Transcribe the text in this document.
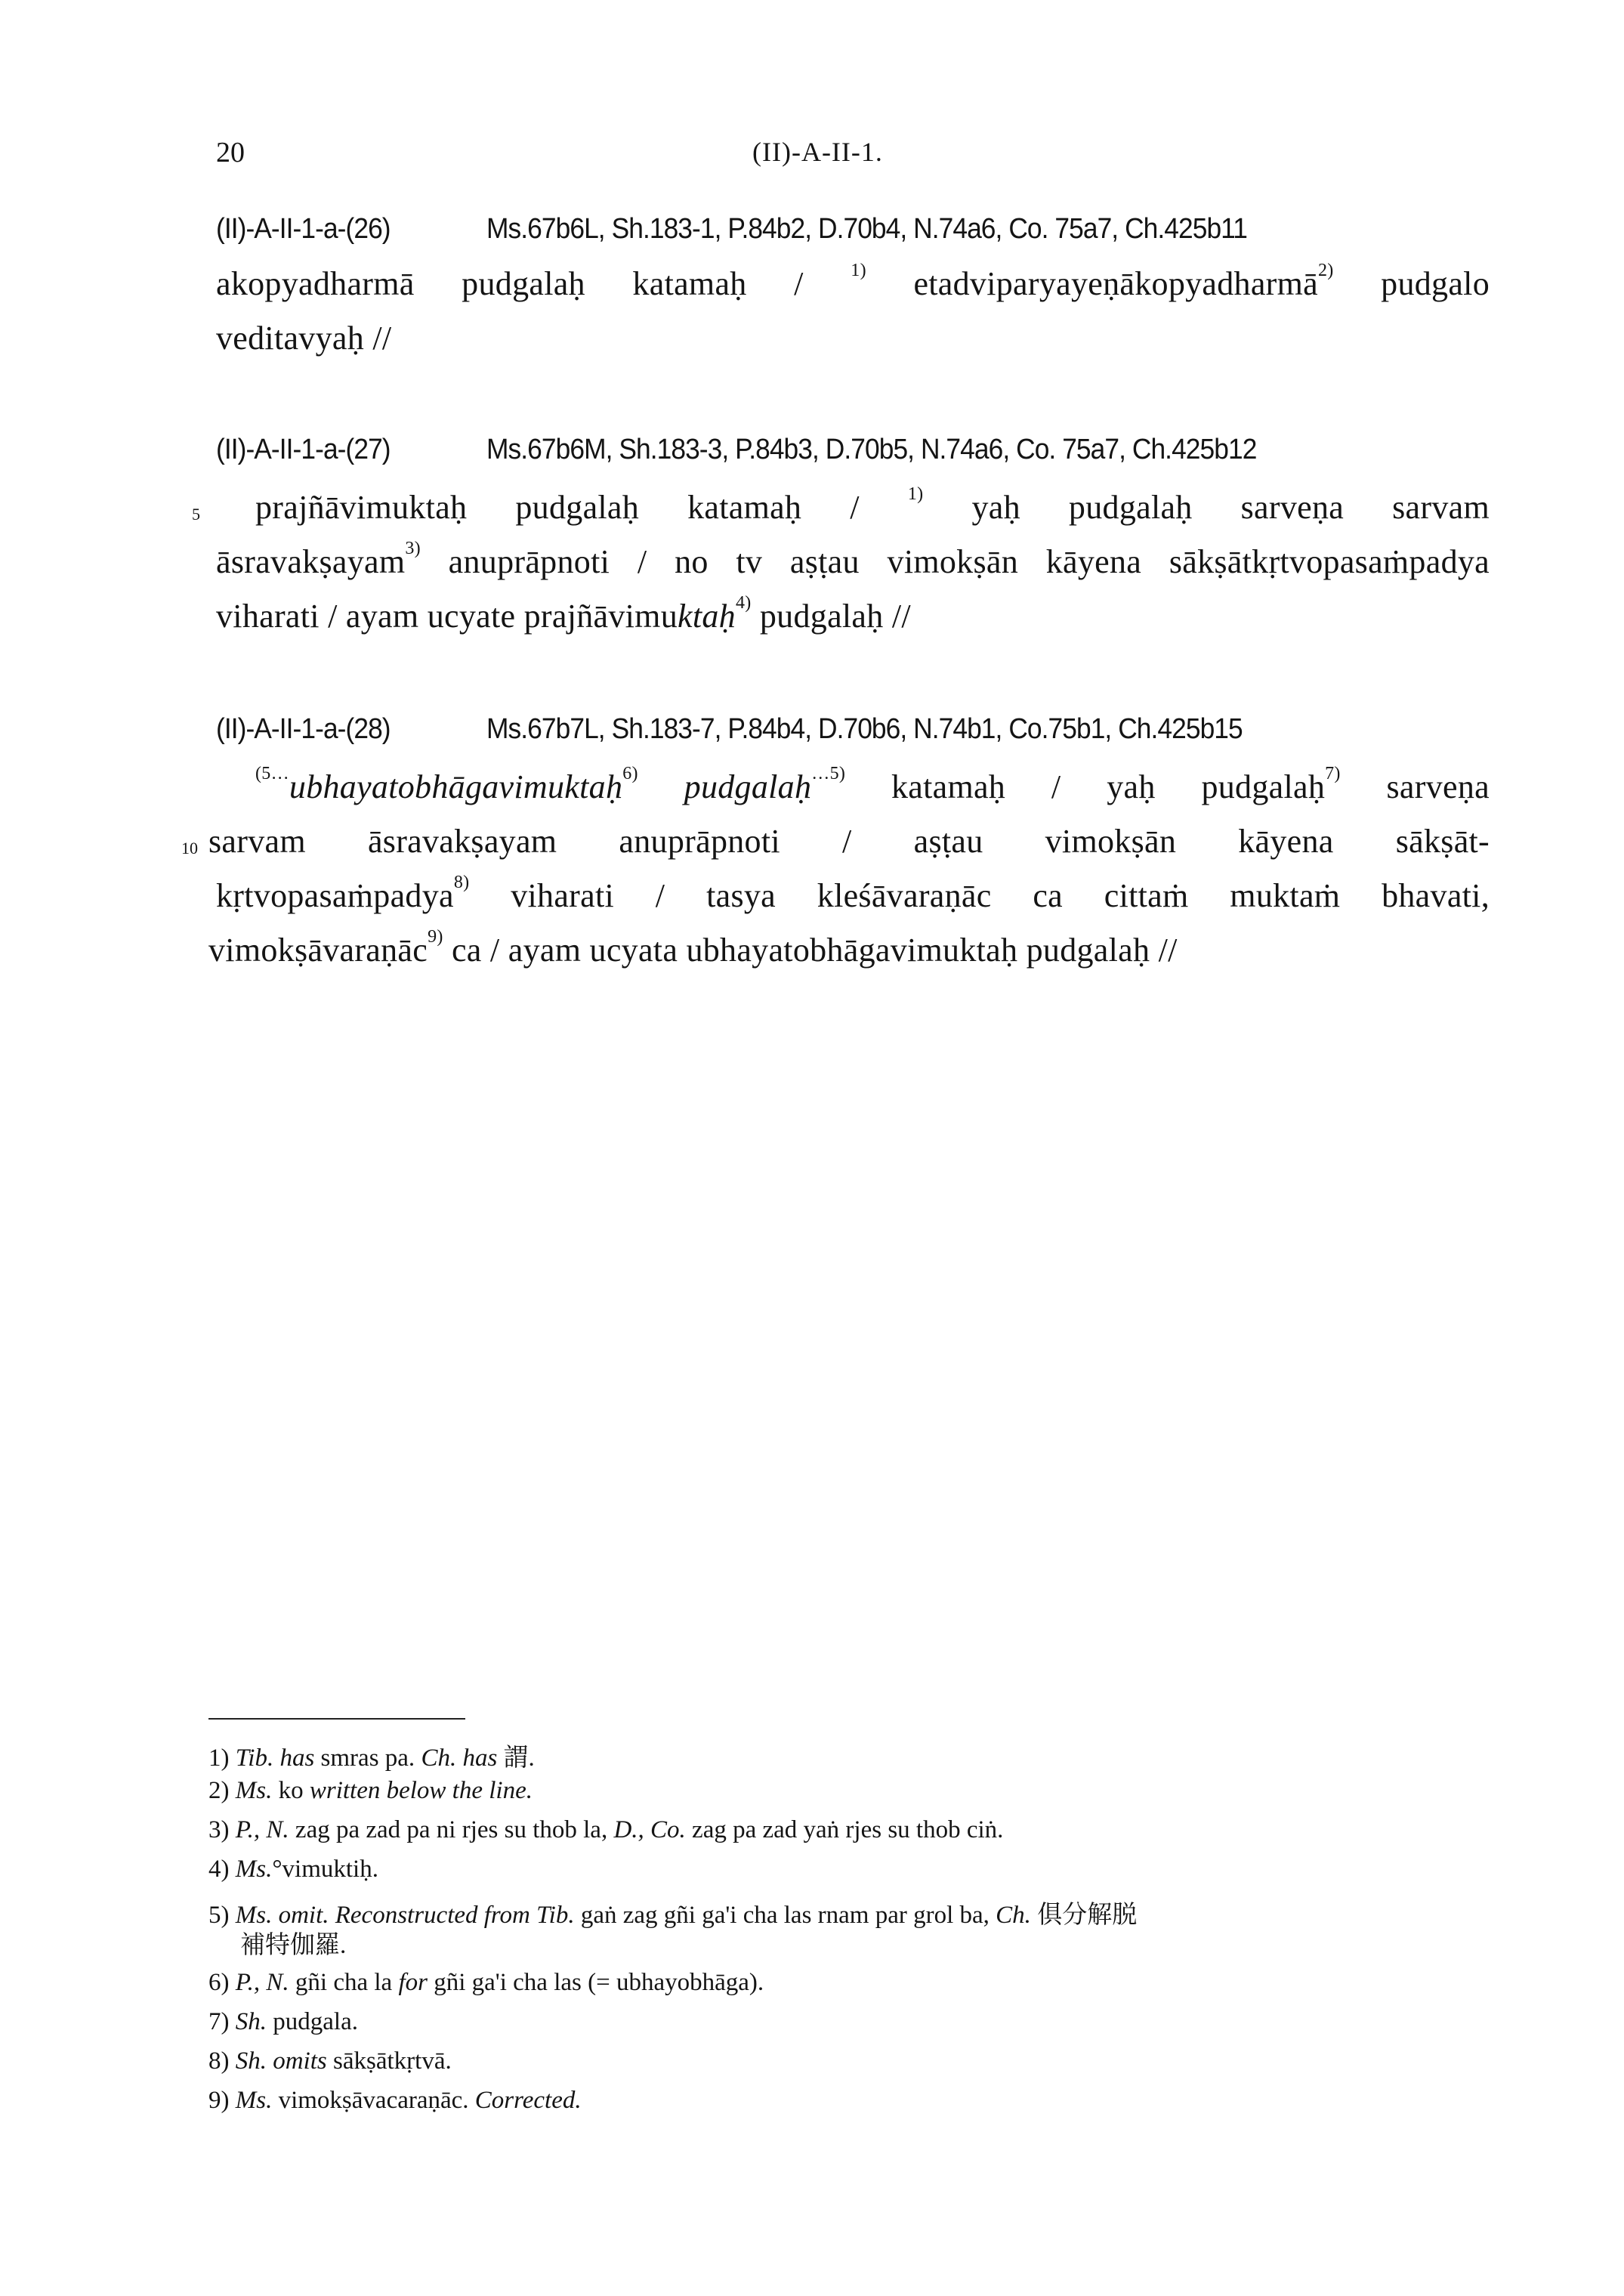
20	(II)-A-II-1.
(II)-A-II-1-a-(26)	Ms.67b6L, Sh.183-1, P.84b2, D.70b4, N.74a6, Co. 75a7, Ch.425b11
akopyadharmā pudgalaḥ katamaḥ / $^{1)}$ etadviparyayeṇākopyadharmā$^{2)}$ pudgalo
veditavyaḥ //
(II)-A-II-1-a-(27)	Ms.67b6M, Sh.183-3, P.84b3, D.70b5, N.74a6, Co. 75a7, Ch.425b12
5 prajñāvimuktaḥ pudgalaḥ katamaḥ / $^{1)}$ yaḥ pudgalaḥ sarveṇa sarvam
āsravakṣayam$^{3)}$ anuprāpnoti / no tv aṣṭau vimokṣān kāyena sākṣātkṛtvopasaṁpadya
viharati / ayam ucyate prajñāvimuktaḥ$^{4)}$ pudgalaḥ //
(II)-A-II-1-a-(28)	Ms.67b7L, Sh.183-7, P.84b4, D.70b6, N.74b1, Co.75b1, Ch.425b15
$^{(5\dots}$ubhayatobhāgavimuktaḥ$^{6)}$ pudgalaḥ$^{\dots 5)}$ katamaḥ / yaḥ pudgalaḥ$^{7)}$ sarveṇa
10 sarvam āsravakṣayam anuprāpnoti / aṣṭau vimokṣān kāyena sākṣāt-
kṛtvopasaṁpadya$^{8)}$ viharati / tasya kleśāvaraṇāc ca cittaṁ muktaṁ bhavati,
vimokṣāvaraṇāc$^{9)}$ ca / ayam ucyata ubhayatobhāgavimuktaḥ pudgalaḥ //
1) Tib. has smras pa. Ch. has 謂.
2) Ms. ko written below the line.
3) P., N. zag pa zad pa ni rjes su thob la, D., Co. zag pa zad yaṅ rjes su thob ciṅ.
4) Ms.°vimuktiḥ.
5) Ms. omit. Reconstructed from Tib. gaṅ zag gñi ga'i cha las rnam par grol ba, Ch. 俱分解脱
補特伽羅.
6) P., N. gñi cha la for gñi ga'i cha las (= ubhayobhāga).
7) Sh. pudgala.
8) Sh. omits sākṣātkṛtvā.
9) Ms. vimokṣāvacaraṇāc. Corrected.
